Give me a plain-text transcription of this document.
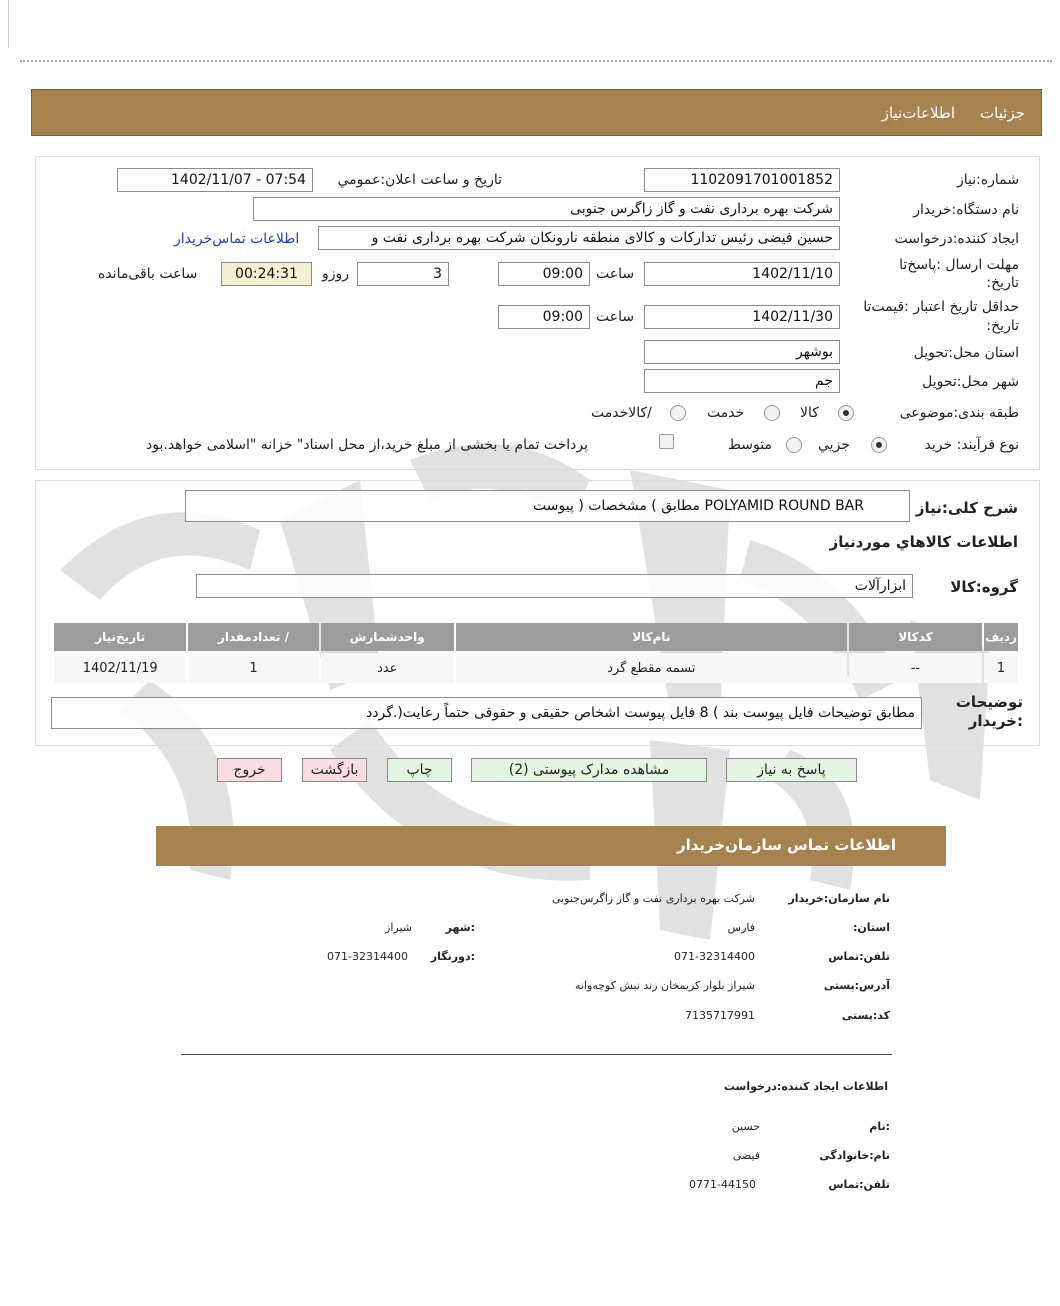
جزئیات
اطلاعات‌نیاز
شماره:نیاز
1102091701001852
تاریخ و ساعت اعلان:عمومي
1402/11/07 - 07:54
نام دستگاه:خریدار
شرکت بهره برداری نفت و گاز زاگرس جنوبی
ایجاد کننده:درخواست
حسین فیضی رئیس تدارکات و کالای منطقه نارونکان شرکت بهره برداری نفت و
اطلاعات تماس‌خریدار
مهلت ارسال :پاسخ‌تا تاریخ:
1402/11/10
ساعت
09:00
3
روزو
00:24:31
ساعت باقی‌مانده
حداقل تاریخ اعتبار :قیمت‌تا تاریخ:
1402/11/30
ساعت
09:00
استان محل:تحویل
بوشهر
شهر محل:تحویل
جم
طبقه بندی:موضوعی
کالا
خدمت
/کالاخدمت
نوع فرآیند: خرید
جزيي
متوسط
پرداخت تمام یا بخشی از مبلغ خرید،از محل اسناد" خزانه "اسلامی خواهد.بود
شرح کلی:نیاز
POLYAMID ROUND BAR مطابق ) مشخصات ( پیوست
اطلاعات کالاهاي موردنياز
گروه:کالا
ابزارآلات
ردیف	کدکالا	نام‌کالا	واحدشمارش	/ تعدادمقدار	تاریخ‌نیاز
1	--	تسمه مقطع گرد	عدد	1	1402/11/19
توضیحات :خریدار
مطابق توضیحات فایل پیوست بند ) 8 فایل پیوست اشخاص حقیقی و حقوقی حتماً رعایت(.گردد
پاسخ به نیاز
مشاهده مدارک پیوستی (2)
چاپ
بازگشت
خروج
اطلاعات تماس سازمان‌خریدار
نام سازمان:خریدار
شرکت بهره برداری نفت و گاز زاگرس‌جنوبی
استان:
فارس
:شهر
شیراز
تلفن:تماس
071-32314400
:دورنگار
071-32314400
آدرس:پستی
شیراز بلوار کریمخان زند نبش کوچه‌وانه
کد:پستی
7135717991
اطلاعات ایجاد کننده:درخواست
:نام
حسین
نام:خانوادگی
فیضی
تلفن:تماس
0771-44150
